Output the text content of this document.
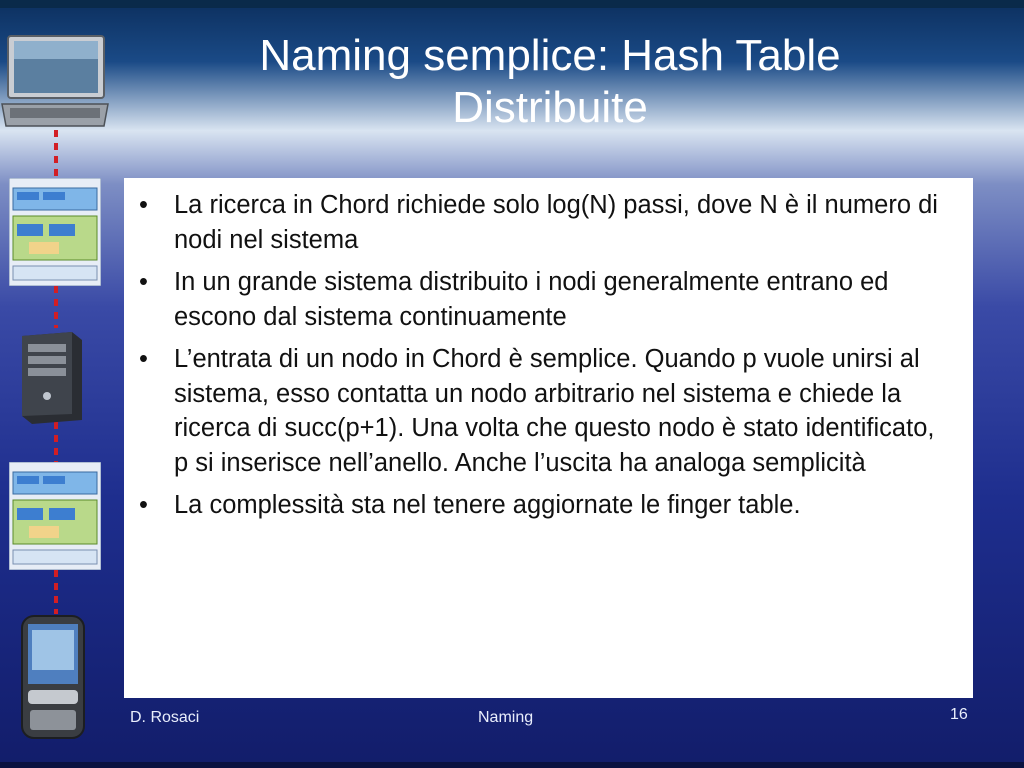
Naming semplice: Hash Table
Distribuite
• La ricerca in Chord richiede solo log(N) passi, dove N è il numero di nodi nel sistema
• In un grande sistema distribuito i nodi generalmente entrano ed escono dal sistema continuamente
• L’entrata di un nodo in Chord è semplice. Quando p vuole unirsi al sistema, esso contatta un nodo arbitrario nel sistema e chiede la ricerca di succ(p+1). Una volta che questo nodo è stato identificato, p si inserisce nell’anello. Anche l’uscita ha analoga semplicità
• La complessità sta nel tenere aggiornate le finger table.
D. Rosaci	Naming	16
